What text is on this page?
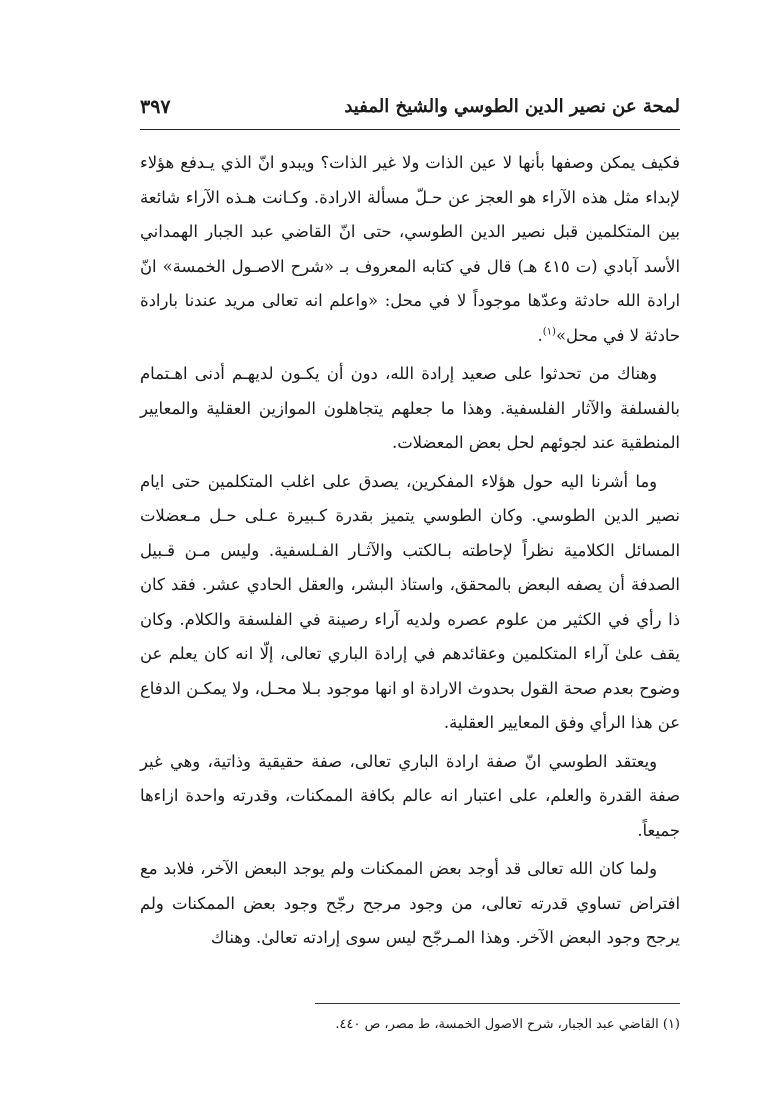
لمحة عن نصير الدين الطوسي والشيخ المفيد
٣٩٧

فكيف يمكن وصفها بأنها لا عين الذات ولا غير الذات؟ ويبدو انّ الذي يـدفع هؤلاء لإبداء مثل هذه الآراء هو العجز عن حـلّ مسألة الارادة. وكـانت هـذه الآراء شائعة بين المتكلمين قبل نصير الدين الطوسي، حتى انّ القاضي عبد الجبار الهمداني الأسد آبادي (ت ٤١٥ هـ) قال في كتابه المعروف بـ «شرح الاصـول الخمسة» انّ ارادة الله حادثة وعدّها موجوداً لا في محل: «واعلم انه تعالى مريد عندنا بارادة حادثة لا في محل»$^{(١)}$.

وهناك من تحدثوا على صعيد إرادة الله، دون أن يكـون لديهـم أدنى اهـتمام بالفسلفة والآثار الفلسفية. وهذا ما جعلهم يتجاهلون الموازين العقلية والمعايير المنطقية عند لجوئهم لحل بعض المعضلات.

وما أشرنا اليه حول هؤلاء المفكرين، يصدق على اغلب المتكلمين حتى ايام نصير الدين الطوسي. وكان الطوسي يتميز بقدرة كـبيرة عـلى حـل مـعضلات المسائل الكلامية نظراً لإحاطته بـالكتب والآثـار الفـلسفية. وليس مـن قـبيل الصدفة أن يصفه البعض بالمحقق، واستاذ البشر، والعقل الحادي عشر. فقد كان ذا رأي في الكثير من علوم عصره ولديه آراء رصينة في الفلسفة والكلام. وكان يقف علىٰ آراء المتكلمين وعقائدهم في إرادة الباري تعالى، إلّا انه كان يعلم عن وضوح بعدم صحة القول بحدوث الارادة او انها موجود بـلا محـل، ولا يمكـن الدفاع عن هذا الرأي وفق المعايير العقلية.

ويعتقد الطوسي انّ صفة ارادة الباري تعالى، صفة حقيقية وذاتية، وهي غير صفة القدرة والعلم، على اعتبار انه عالم بكافة الممكنات، وقدرته واحدة ازاءها جميعاً.

ولما كان الله تعالى قد أوجد بعض الممكنات ولم يوجد البعض الآخر، فلابد مع افتراض تساوي قدرته تعالى، من وجود مرجح رجّح وجود بعض الممكنات ولم يرجح وجود البعض الآخر. وهذا المـرجّح ليس سوى إرادته تعالىٰ. وهناك

(١) القاضي عبد الجبار، شرح الاصول الخمسة، ط مصر، ص ٤٤٠.
